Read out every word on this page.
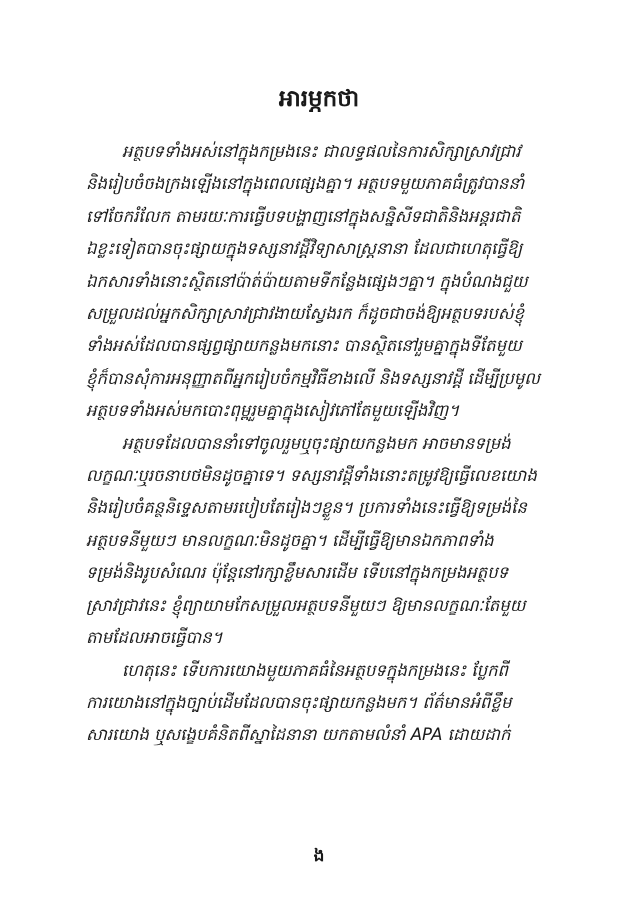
អារម្ភកថា

អត្ថបទទាំងអស់នៅក្នុងកម្រងនេះ ជាលទ្ធផលនៃការសិក្សាស្រាវជ្រាវ
និងរៀបចំចងក្រងឡើងនៅក្នុងពេលផ្សេងគ្នា។ អត្ថបទមួយភាគធំត្រូវបាននាំ
ទៅចែករំលែក តាមរយៈការធ្វើបទបង្ហាញនៅក្នុងសន្និសីទជាតិនិងអន្តរជាតិ
ឯខ្លះទៀតបានចុះផ្សាយក្នុងទស្សនាវដ្តីវិទ្យាសាស្ត្រនានា ដែលជាហេតុធ្វើឱ្យ
ឯកសារទាំងនោះស្ថិតនៅប៉ាត់ប៉ាយតាមទីកន្លែងផ្សេងៗគ្នា។ ក្នុងបំណងជួយ
សម្រួលដល់អ្នកសិក្សាស្រាវជ្រាវងាយស្វែងរក ក៏ដូចជាចង់ឱ្យអត្ថបទរបស់ខ្ញុំ
ទាំងអស់ដែលបានផ្សព្វផ្សាយកន្លងមកនោះ បានស្ថិតនៅរួមគ្នាក្នុងទីតែមួយ
ខ្ញុំក៏បានសុំការអនុញ្ញាតពីអ្នករៀបចំកម្មវិធីខាងលើ និងទស្សនាវដ្តី ដើម្បីប្រមូល
អត្ថបទទាំងអស់មកបោះពុម្ពរួមគ្នាក្នុងសៀវភៅតែមួយឡើងវិញ។

អត្ថបទដែលបាននាំទៅចូលរួមឬចុះផ្សាយកន្លងមក អាចមានទម្រង់
លក្ខណៈឬរចនាបថមិនដូចគ្នាទេ។ ទស្សនាវដ្តីទាំងនោះតម្រូវឱ្យធ្វើលេខយោង
និងរៀបចំគន្ថនិទ្ទេសតាមរបៀបតែរៀងៗខ្លួន។ ប្រការទាំងនេះធ្វើឱ្យទម្រង់នៃ
អត្ថបទនីមួយៗ មានលក្ខណៈមិនដូចគ្នា។ ដើម្បីធ្វើឱ្យមានឯកភាពទាំង
ទម្រង់និងរូបសំណេរ ប៉ុន្តែនៅរក្សាខ្លឹមសារដើម ទើបនៅក្នុងកម្រងអត្ថបទ
ស្រាវជ្រាវនេះ ខ្ញុំព្យាយាមកែសម្រួលអត្ថបទនីមួយៗ ឱ្យមានលក្ខណៈតែមួយ
តាមដែលអាចធ្វើបាន។

ហេតុនេះ ទើបការយោងមួយភាគធំនៃអត្ថបទក្នុងកម្រងនេះ ប្លែកពី
ការយោងនៅក្នុងច្បាប់ដើមដែលបានចុះផ្សាយកន្លងមក។ ព័ត៌មានអំពីខ្លឹម
សារយោង ឬសង្ខេបគំនិតពីស្នាដៃនានា យកតាមលំនាំ APA ដោយដាក់

ង
